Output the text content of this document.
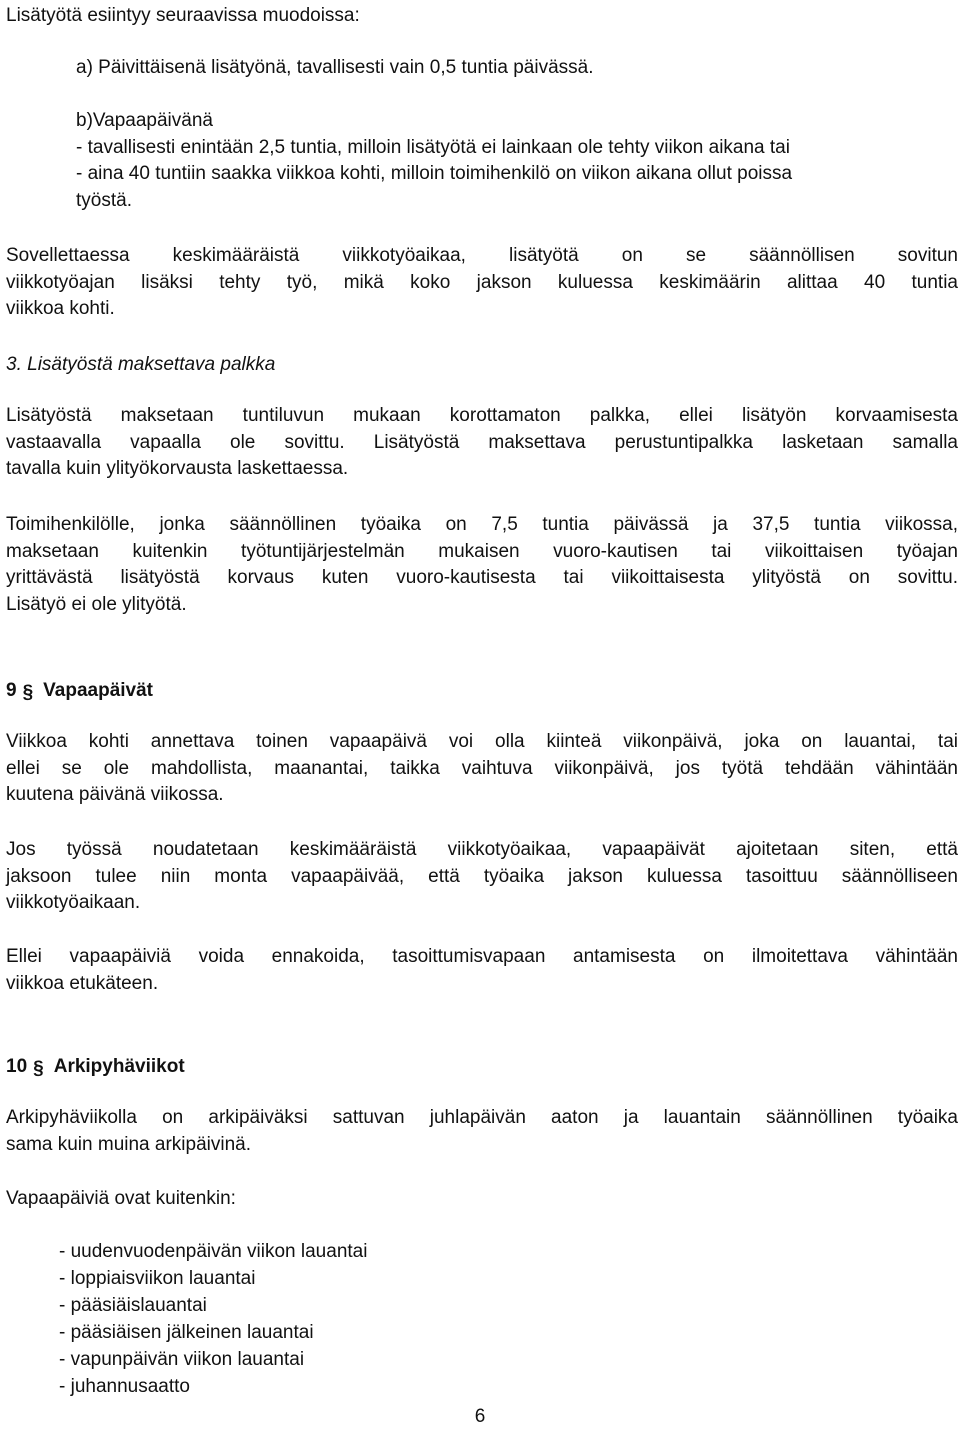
Lisätyötä esiintyy seuraavissa muodoissa:

a) Päivittäisenä lisätyönä, tavallisesti vain 0,5 tuntia päivässä.

b)Vapaapäivänä
- tavallisesti enintään 2,5 tuntia, milloin lisätyötä ei lainkaan ole tehty viikon aikana tai
- aina 40 tuntiin saakka viikkoa kohti, milloin toimihenkilö on viikon aikana ollut poissa
työstä.
Sovellettaessa keskimääräistä viikkotyöaikaa, lisätyötä on se säännöllisen sovitun
viikkotyöajan lisäksi tehty työ, mikä koko jakson kuluessa keskimäärin alittaa 40 tuntia
viikkoa kohti.

3. Lisätyöstä maksettava palkka

Lisätyöstä maksetaan tuntiluvun mukaan korottamaton palkka, ellei lisätyön korvaamisesta
vastaavalla vapaalla ole sovittu. Lisätyöstä maksettava perustuntipalkka lasketaan samalla
tavalla kuin ylityökorvausta laskettaessa.
Toimihenkilölle, jonka säännöllinen työaika on 7,5 tuntia päivässä ja 37,5 tuntia viikossa,
maksetaan kuitenkin työtuntijärjestelmän mukaisen vuoro-kautisen tai viikoittaisen työajan
yrittävästä lisätyöstä korvaus kuten vuoro-kautisesta tai viikoittaisesta ylityöstä on sovittu.
Lisätyö ei ole ylityötä.
9 § Vapaapäivät
Viikkoa kohti annettava toinen vapaapäivä voi olla kiinteä viikonpäivä, joka on lauantai, tai
ellei se ole mahdollista, maanantai, taikka vaihtuva viikonpäivä, jos työtä tehdään vähintään
kuutena päivänä viikossa.
Jos työssä noudatetaan keskimääräistä viikkotyöaikaa, vapaapäivät ajoitetaan siten, että
jaksoon tulee niin monta vapaapäivää, että työaika jakson kuluessa tasoittuu säännölliseen
viikkotyöaikaan.
Ellei vapaapäiviä voida ennakoida, tasoittumisvapaan antamisesta on ilmoitettava vähintään
viikkoa etukäteen.
10 § Arkipyhäviikot
Arkipyhäviikolla on arkipäiväksi sattuvan juhlapäivän aaton ja lauantain säännöllinen työaika
sama kuin muina arkipäivinä.

Vapaapäiviä ovat kuitenkin:

- uudenvuodenpäivän viikon lauantai
- loppiaisviikon lauantai
- pääsiäislauantai
- pääsiäisen jälkeinen lauantai
- vapunpäivän viikon lauantai
- juhannusaatto
6
